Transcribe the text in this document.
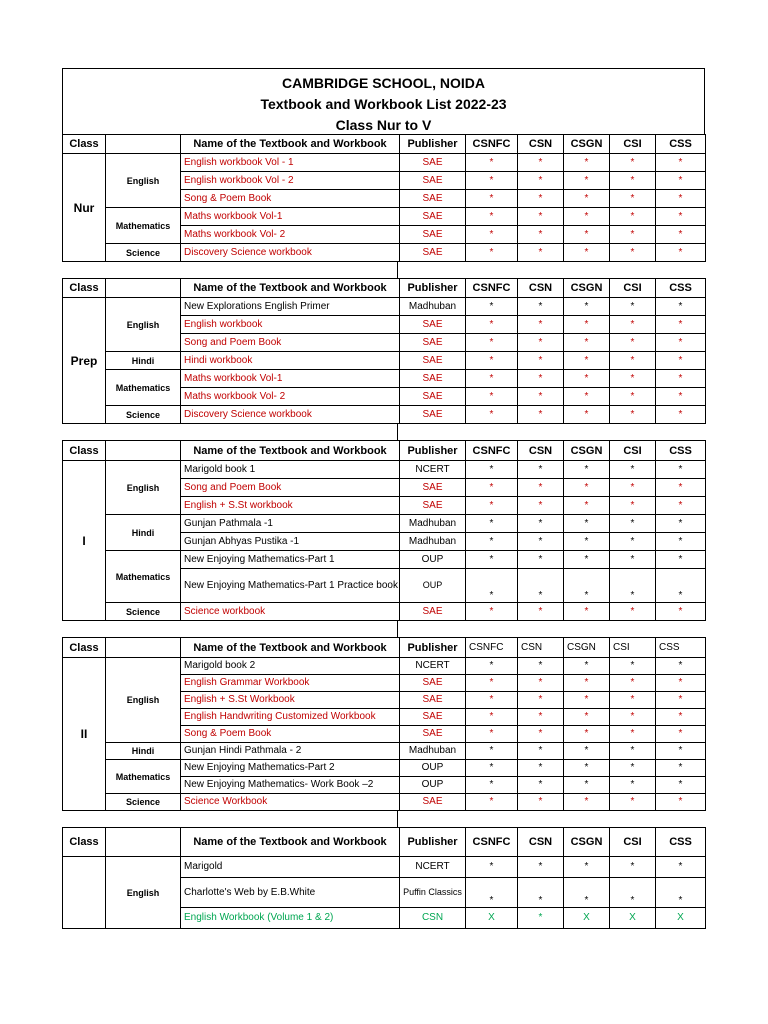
CAMBRIDGE SCHOOL, NOIDA
Textbook and Workbook List 2022-23
Class Nur to V
Class		Name of the Textbook and Workbook	Publisher	CSNFC	CSN	CSGN	CSI	CSS
Nur	English	English workbook Vol - 1	SAE	*	*	*	*	*
		English workbook Vol - 2	SAE	*	*	*	*	*
		Song & Poem Book	SAE	*	*	*	*	*
	Mathematics	Maths workbook Vol-1	SAE	*	*	*	*	*
		Maths workbook Vol- 2	SAE	*	*	*	*	*
	Science	Discovery Science workbook	SAE	*	*	*	*	*
Class		Name of the Textbook and Workbook	Publisher	CSNFC	CSN	CSGN	CSI	CSS
Prep	English	New Explorations English Primer	Madhuban	*	*	*	*	*
		English workbook	SAE	*	*	*	*	*
		Song and Poem Book	SAE	*	*	*	*	*
	Hindi	Hindi workbook	SAE	*	*	*	*	*
	Mathematics	Maths workbook Vol-1	SAE	*	*	*	*	*
		Maths workbook Vol- 2	SAE	*	*	*	*	*
	Science	Discovery Science workbook	SAE	*	*	*	*	*
Class		Name of the Textbook and Workbook	Publisher	CSNFC	CSN	CSGN	CSI	CSS
I	English	Marigold book 1	NCERT	*	*	*	*	*
		Song and Poem Book	SAE	*	*	*	*	*
		English + S.St workbook	SAE	*	*	*	*	*
	Hindi	Gunjan Pathmala -1	Madhuban	*	*	*	*	*
		Gunjan Abhyas Pustika -1	Madhuban	*	*	*	*	*
	Mathematics	New Enjoying Mathematics-Part 1	OUP	*	*	*	*	*
		New Enjoying Mathematics-Part 1 Practice book	OUP	*	*	*	*	*
	Science	Science workbook	SAE	*	*	*	*	*
Class		Name of the Textbook and Workbook	Publisher	CSNFC	CSN	CSGN	CSI	CSS
II	English	Marigold book 2	NCERT	*	*	*	*	*
		English Grammar Workbook	SAE	*	*	*	*	*
		English + S.St Workbook	SAE	*	*	*	*	*
		English Handwriting Customized Workbook	SAE	*	*	*	*	*
		Song & Poem Book	SAE	*	*	*	*	*
	Hindi	Gunjan Hindi Pathmala - 2	Madhuban	*	*	*	*	*
	Mathematics	New Enjoying Mathematics-Part 2	OUP	*	*	*	*	*
		New Enjoying Mathematics- Work Book –2	OUP	*	*	*	*	*
	Science	Science Workbook	SAE	*	*	*	*	*
Class		Name of the Textbook and Workbook	Publisher	CSNFC	CSN	CSGN	CSI	CSS
	English	Marigold	NCERT	*	*	*	*	*
		Charlotte's Web by E.B.White	Puffin Classics	*	*	*	*	*
		English Workbook (Volume 1 & 2)	CSN	X	*	X	X	X
